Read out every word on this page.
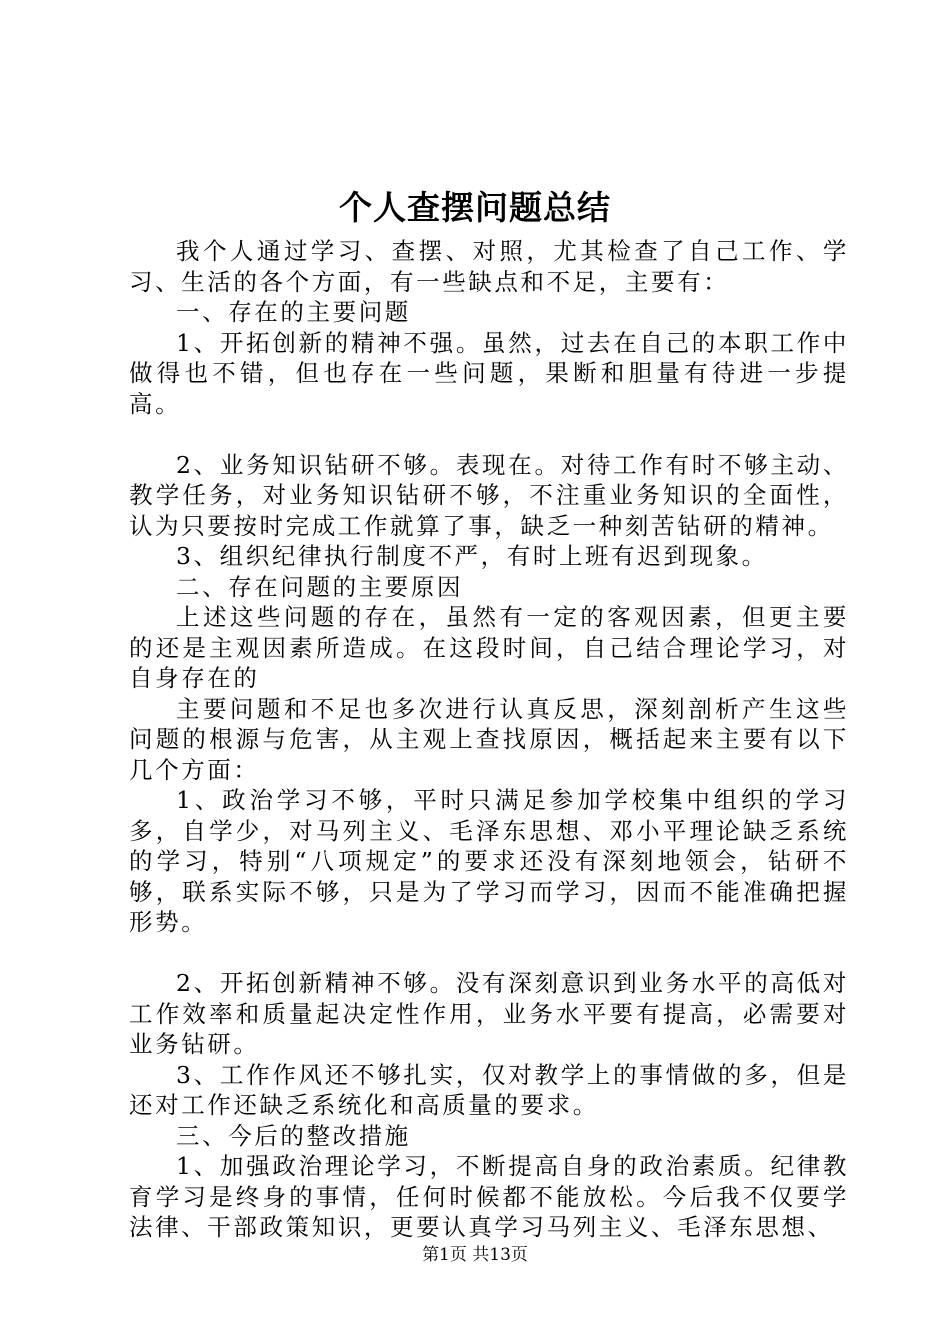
个人查摆问题总结

我个人通过学习、查摆、对照，尤其检查了自己工作、学习、生活的各个方面，有一些缺点和不足，主要有：

一、存在的主要问题

1、开拓创新的精神不强。虽然，过去在自己的本职工作中做得也不错，但也存在一些问题，果断和胆量有待进一步提高。

2、业务知识钻研不够。表现在。对待工作有时不够主动、教学任务，对业务知识钻研不够，不注重业务知识的全面性，认为只要按时完成工作就算了事，缺乏一种刻苦钻研的精神。

3、组织纪律执行制度不严，有时上班有迟到现象。

二、存在问题的主要原因

上述这些问题的存在，虽然有一定的客观因素，但更主要的还是主观因素所造成。在这段时间，自己结合理论学习，对自身存在的

主要问题和不足也多次进行认真反思，深刻剖析产生这些问题的根源与危害，从主观上查找原因，概括起来主要有以下几个方面：

1、政治学习不够，平时只满足参加学校集中组织的学习多，自学少，对马列主义、毛泽东思想、邓小平理论缺乏系统的学习，特别“八项规定”的要求还没有深刻地领会，钻研不够，联系实际不够，只是为了学习而学习，因而不能准确把握形势。

2、开拓创新精神不够。没有深刻意识到业务水平的高低对工作效率和质量起决定性作用，业务水平要有提高，必需要对业务钻研。

3、工作作风还不够扎实，仅对教学上的事情做的多，但是还对工作还缺乏系统化和高质量的要求。

三、今后的整改措施

1、加强政治理论学习，不断提高自身的政治素质。纪律教育学习是终身的事情，任何时候都不能放松。今后我不仅要学法律、干部政策知识，更要认真学习马列主义、毛泽东思想、

第1页 共13页
